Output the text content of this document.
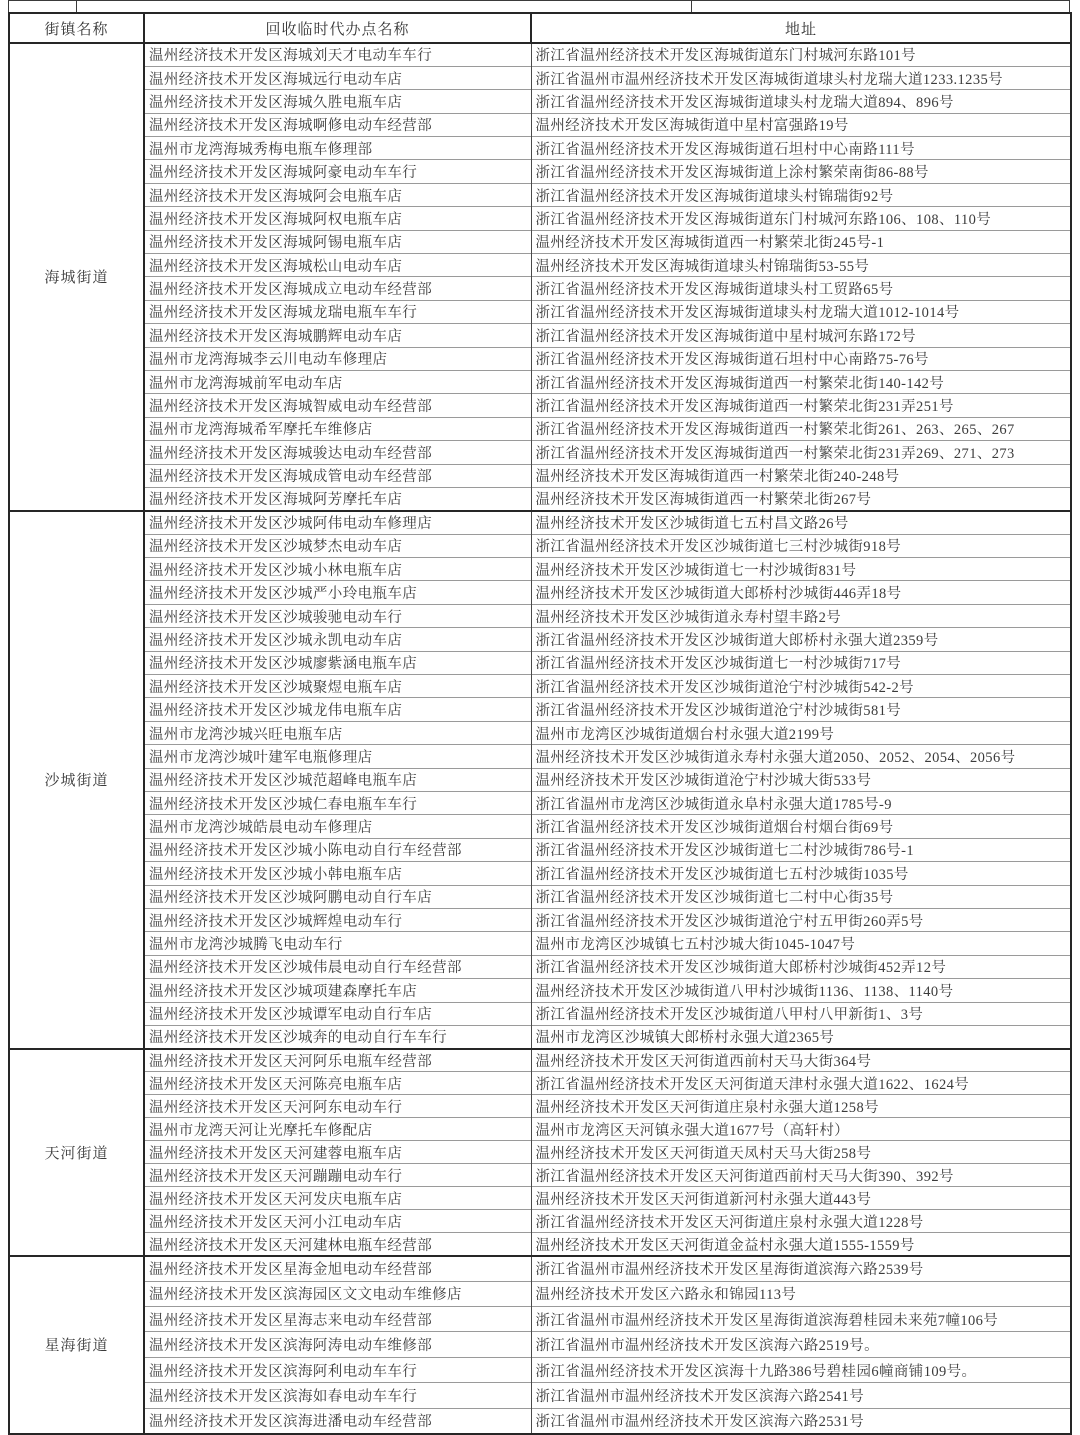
街镇名称	回收临时代办点名称	地址
海城街道	温州经济技术开发区海城刘天才电动车车行	浙江省温州经济技术开发区海城街道东门村城河东路101号
	温州经济技术开发区海城远行电动车店	浙江省温州市温州经济技术开发区海城街道埭头村龙瑞大道1233.1235号
	温州经济技术开发区海城久胜电瓶车店	浙江省温州经济技术开发区海城街道埭头村龙瑞大道894、896号
	温州经济技术开发区海城啊修电动车经营部	温州经济技术开发区海城街道中星村富强路19号
	温州市龙湾海城秀梅电瓶车修理部	浙江省温州经济技术开发区海城街道石坦村中心南路111号
	温州经济技术开发区海城阿豪电动车车行	浙江省温州经济技术开发区海城街道上涂村繁荣南街86-88号
	温州经济技术开发区海城阿会电瓶车店	浙江省温州经济技术开发区海城街道埭头村锦瑞街92号
	温州经济技术开发区海城阿权电瓶车店	浙江省温州经济技术开发区海城街道东门村城河东路106、108、110号
	温州经济技术开发区海城阿锡电瓶车店	温州经济技术开发区海城街道西一村繁荣北街245号-1
	温州经济技术开发区海城松山电动车店	温州经济技术开发区海城街道埭头村锦瑞街53-55号
	温州经济技术开发区海城成立电动车经营部	浙江省温州经济技术开发区海城街道埭头村工贸路65号
	温州经济技术开发区海城龙瑞电瓶车车行	浙江省温州经济技术开发区海城街道埭头村龙瑞大道1012-1014号
	温州经济技术开发区海城鹏辉电动车店	浙江省温州经济技术开发区海城街道中星村城河东路172号
	温州市龙湾海城李云川电动车修理店	浙江省温州经济技术开发区海城街道石坦村中心南路75-76号
	温州市龙湾海城前军电动车店	浙江省温州经济技术开发区海城街道西一村繁荣北街140-142号
	温州经济技术开发区海城智威电动车经营部	浙江省温州经济技术开发区海城街道西一村繁荣北街231弄251号
	温州市龙湾海城希军摩托车维修店	浙江省温州经济技术开发区海城街道西一村繁荣北街261、263、265、267
	温州经济技术开发区海城骏达电动车经营部	浙江省温州经济技术开发区海城街道西一村繁荣北街231弄269、271、273
	温州经济技术开发区海城成管电动车经营部	温州经济技术开发区海城街道西一村繁荣北街240-248号
	温州经济技术开发区海城阿芳摩托车店	温州经济技术开发区海城街道西一村繁荣北街267号
沙城街道	温州经济技术开发区沙城阿伟电动车修理店	温州经济技术开发区沙城街道七五村昌文路26号
	温州经济技术开发区沙城梦杰电动车店	浙江省温州经济技术开发区沙城街道七三村沙城街918号
	温州经济技术开发区沙城小林电瓶车店	温州经济技术开发区沙城街道七一村沙城街831号
	温州经济技术开发区沙城严小玲电瓶车店	温州经济技术开发区沙城街道大郎桥村沙城街446弄18号
	温州经济技术开发区沙城骏驰电动车行	温州经济技术开发区沙城街道永寿村望丰路2号
	温州经济技术开发区沙城永凯电动车店	浙江省温州经济技术开发区沙城街道大郎桥村永强大道2359号
	温州经济技术开发区沙城廖紫涵电瓶车店	浙江省温州经济技术开发区沙城街道七一村沙城街717号
	温州经济技术开发区沙城聚煜电瓶车店	浙江省温州经济技术开发区沙城街道沧宁村沙城街542-2号
	温州经济技术开发区沙城龙伟电瓶车店	浙江省温州经济技术开发区沙城街道沧宁村沙城街581号
	温州市龙湾沙城兴旺电瓶车店	温州市龙湾区沙城街道烟台村永强大道2199号
	温州市龙湾沙城叶建军电瓶修理店	温州经济技术开发区沙城街道永寿村永强大道2050、2052、2054、2056号
	温州经济技术开发区沙城范超峰电瓶车店	温州经济技术开发区沙城街道沧宁村沙城大街533号
	温州经济技术开发区沙城仁春电瓶车车行	浙江省温州市龙湾区沙城街道永阜村永强大道1785号-9
	温州市龙湾沙城皓晨电动车修理店	浙江省温州经济技术开发区沙城街道烟台村烟台街69号
	温州经济技术开发区沙城小陈电动自行车经营部	浙江省温州经济技术开发区沙城街道七二村沙城街786号-1
	温州经济技术开发区沙城小韩电瓶车店	浙江省温州经济技术开发区沙城街道七五村沙城街1035号
	温州经济技术开发区沙城阿鹏电动自行车店	浙江省温州经济技术开发区沙城街道七二村中心街35号
	温州经济技术开发区沙城辉煌电动车行	浙江省温州经济技术开发区沙城街道沧宁村五甲街260弄5号
	温州市龙湾沙城腾飞电动车行	温州市龙湾区沙城镇七五村沙城大街1045-1047号
	温州经济技术开发区沙城伟晨电动自行车经营部	浙江省温州经济技术开发区沙城街道大郎桥村沙城街452弄12号
	温州经济技术开发区沙城项建森摩托车店	温州经济技术开发区沙城街道八甲村沙城街1136、1138、1140号
	温州经济技术开发区沙城谭军电动自行车店	浙江省温州经济技术开发区沙城街道八甲村八甲新街1、3号
	温州经济技术开发区沙城奔的电动自行车车行	温州市龙湾区沙城镇大郎桥村永强大道2365号
天河街道	温州经济技术开发区天河阿乐电瓶车经营部	温州经济技术开发区天河街道西前村天马大街364号
	温州经济技术开发区天河陈亮电瓶车店	浙江省温州经济技术开发区天河街道天津村永强大道1622、1624号
	温州经济技术开发区天河阿东电动车行	温州经济技术开发区天河街道庄泉村永强大道1258号
	温州市龙湾天河让光摩托车修配店	温州市龙湾区天河镇永强大道1677号（高轩村）
	温州经济技术开发区天河建蓉电瓶车店	温州经济技术开发区天河街道天凤村天马大街258号
	温州经济技术开发区天河蹦蹦电动车行	浙江省温州经济技术开发区天河街道西前村天马大街390、392号
	温州经济技术开发区天河发庆电瓶车店	温州经济技术开发区天河街道新河村永强大道443号
	温州经济技术开发区天河小江电动车店	浙江省温州经济技术开发区天河街道庄泉村永强大道1228号
	温州经济技术开发区天河建林电瓶车经营部	温州经济技术开发区天河街道金益村永强大道1555-1559号
星海街道	温州经济技术开发区星海金旭电动车经营部	浙江省温州市温州经济技术开发区星海街道滨海六路2539号
	温州经济技术开发区滨海园区文文电动车维修店	温州经济技术开发区六路永和锦园113号
	温州经济技术开发区星海志来电动车经营部	浙江省温州市温州经济技术开发区星海街道滨海碧桂园未来苑7幢106号
	温州经济技术开发区滨海阿涛电动车维修部	浙江省温州市温州经济技术开发区滨海六路2519号。
	温州经济技术开发区滨海阿利电动车车行	浙江省温州经济技术开发区滨海十九路386号碧桂园6幢商铺109号。
	温州经济技术开发区滨海如春电动车车行	浙江省温州市温州经济技术开发区滨海六路2541号
	温州经济技术开发区滨海进潘电动车经营部	浙江省温州市温州经济技术开发区滨海六路2531号
